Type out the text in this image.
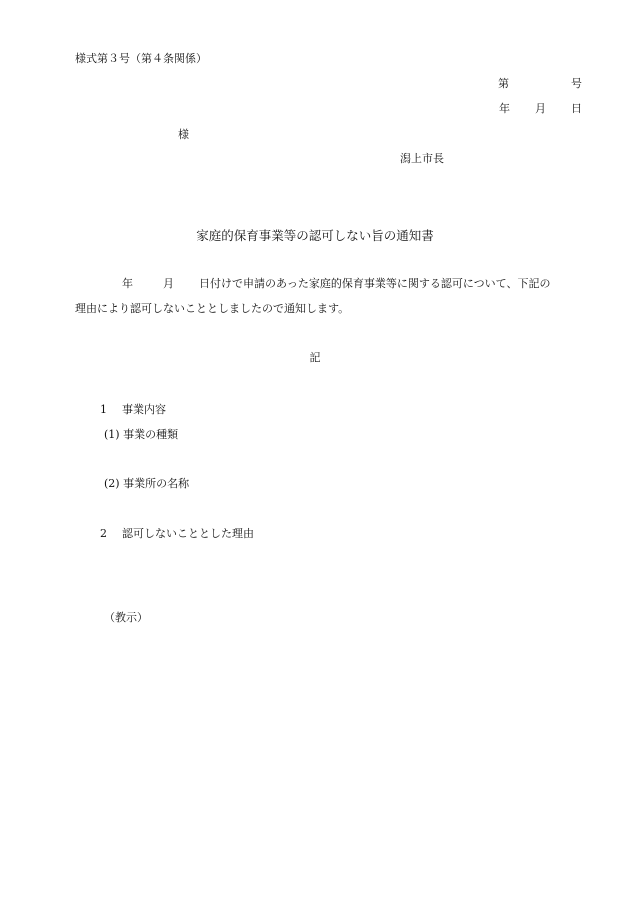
様式第３号（第４条関係）
第	号
年 月 日
様
潟上市長
家庭的保育事業等の認可しない旨の通知書
年	月 日付けで申請のあった家庭的保育事業等に関する認可について、下記の
理由により認可しないこととしましたので通知します。
記
1 事業内容
(1) 事業の種類
(2) 事業所の名称
2 認可しないこととした理由
（教示）
